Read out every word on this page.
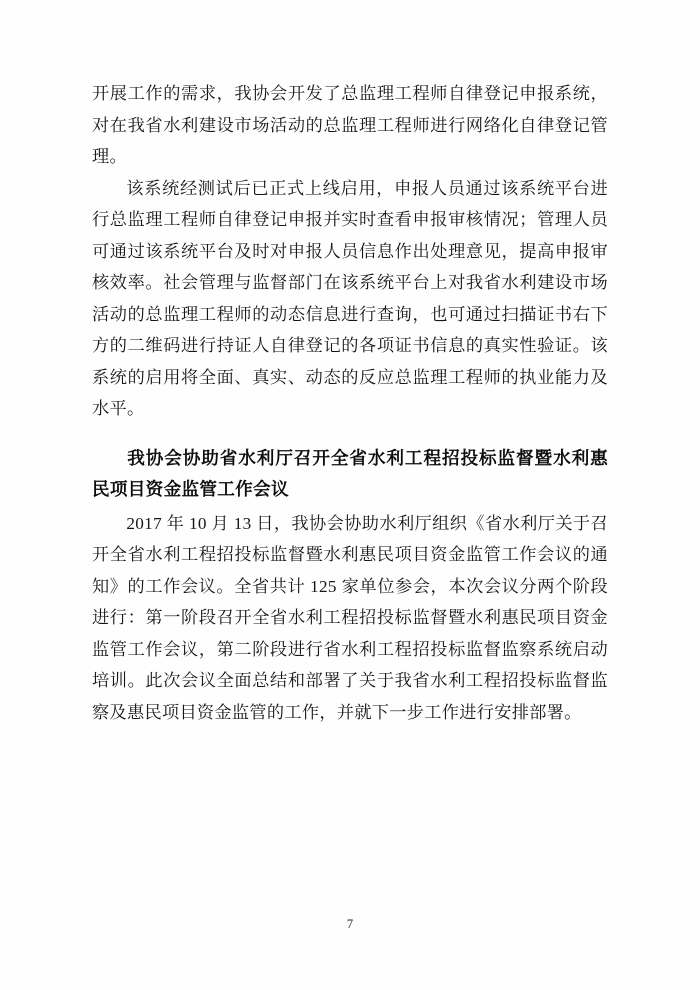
开展工作的需求，我协会开发了总监理工程师自律登记申报系统，对在我省水利建设市场活动的总监理工程师进行网络化自律登记管理。

该系统经测试后已正式上线启用，申报人员通过该系统平台进行总监理工程师自律登记申报并实时查看申报审核情况；管理人员可通过该系统平台及时对申报人员信息作出处理意见，提高申报审核效率。社会管理与监督部门在该系统平台上对我省水利建设市场活动的总监理工程师的动态信息进行查询，也可通过扫描证书右下方的二维码进行持证人自律登记的各项证书信息的真实性验证。该系统的启用将全面、真实、动态的反应总监理工程师的执业能力及水平。

我协会协助省水利厅召开全省水利工程招投标监督暨水利惠民项目资金监管工作会议

2017 年 10 月 13 日，我协会协助水利厅组织《省水利厅关于召开全省水利工程招投标监督暨水利惠民项目资金监管工作会议的通知》的工作会议。全省共计 125 家单位参会，本次会议分两个阶段进行：第一阶段召开全省水利工程招投标监督暨水利惠民项目资金监管工作会议，第二阶段进行省水利工程招投标监督监察系统启动培训。此次会议全面总结和部署了关于我省水利工程招投标监督监察及惠民项目资金监管的工作，并就下一步工作进行安排部署。

7
